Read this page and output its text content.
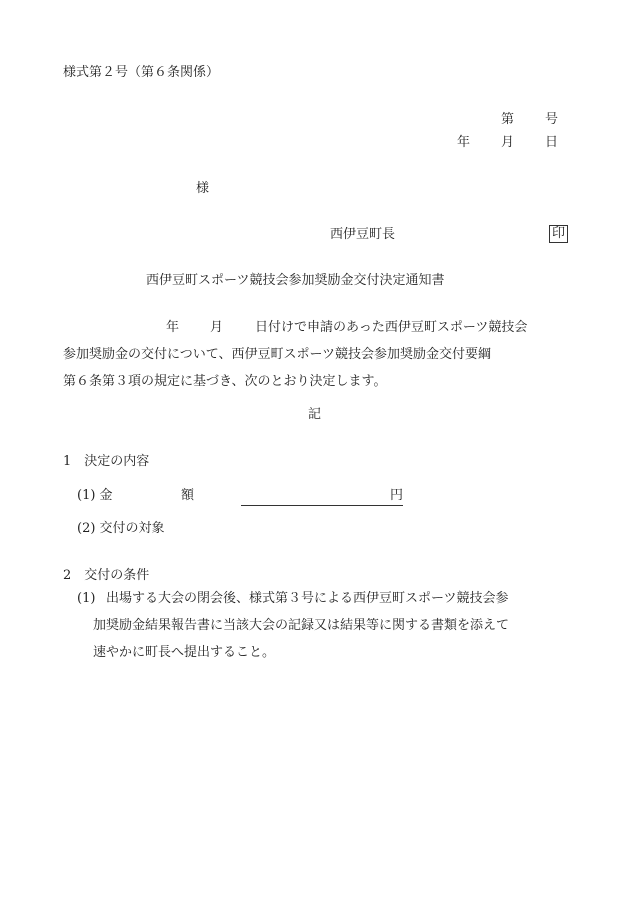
様式第２号（第６条関係）
第 号
年 月 日
様
西伊豆町長	印
西伊豆町スポーツ競技会参加奨励金交付決定通知書
年 月 日付けで申請のあった西伊豆町スポーツ競技会
参加奨励金の交付について、西伊豆町スポーツ競技会参加奨励金交付要綱
第６条第３項の規定に基づき、次のとおり決定します。
記
1　決定の内容
(1) 金	額	円
(2) 交付の対象
2　交付の条件
(1) 出場する大会の閉会後、様式第３号による西伊豆町スポーツ競技会参
加奨励金結果報告書に当該大会の記録又は結果等に関する書類を添えて
速やかに町長へ提出すること。
